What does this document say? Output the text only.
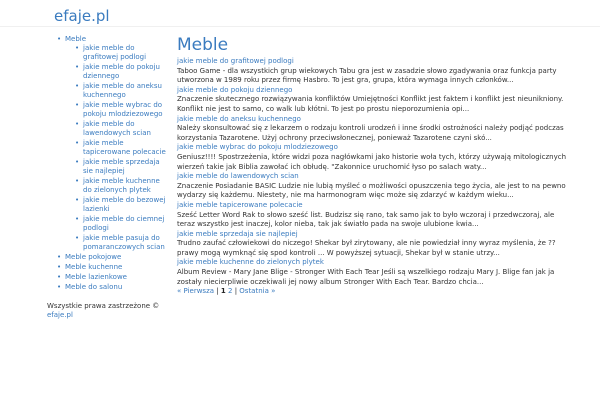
efaje.pl
• Meble
• jakie meble do grafitowej podlogi
• jakie meble do pokoju dziennego
• jakie meble do aneksu kuchennego
• jakie meble wybrac do pokoju mlodziezowego
• jakie meble do lawendowych scian
• jakie meble tapicerowane polecacie
• jakie meble sprzedaja sie najlepiej
• jakie meble kuchenne do zielonych plytek
• jakie meble do bezowej lazienki
• jakie meble do ciemnej podlogi
• jakie meble pasuja do pomaranczowych scian
• Meble pokojowe
• Meble kuchenne
• Meble lazienkowe
• Meble do salonu
Wszystkie prawa zastrzeżone ©
efaje.pl
Meble
jakie meble do grafitowej podlogi

Taboo Game - dla wszystkich grup wiekowych Tabu gra jest w zasadzie słowo zgadywania oraz funkcja party utworzona w 1989 roku przez firmę Hasbro. To jest gra, grupa, która wymaga innych członków...

jakie meble do pokoju dziennego

Znaczenie skutecznego rozwiązywania konfliktów Umiejętności Konflikt jest faktem i konflikt jest nieunikniony. Konflikt nie jest to samo, co walk lub kłótni. To jest po prostu nieporozumienia opi...

jakie meble do aneksu kuchennego

Należy skonsultować się z lekarzem o rodzaju kontroli urodzeń i inne środki ostrożności należy podjąć podczas korzystania Tazarotene. Użyj ochrony przeciwsłonecznej, ponieważ Tazarotene czyni skó...

jakie meble wybrac do pokoju mlodziezowego

Geniusz!!!! Spostrzeżenia, które widzi poza nagłówkami jako historie woła tych, którzy używają mitologicznych wierzeń takie jak Biblia zawołać ich obłudę. "Zakonnice uruchomić łyso po salach waty...

jakie meble do lawendowych scian

Znaczenie Posiadanie BASIC Ludzie nie lubią myśleć o możliwości opuszczenia tego życia, ale jest to na pewno wydarzy się każdemu. Niestety, nie ma harmonogram więc może się zdarzyć w każdym wieku...

jakie meble tapicerowane polecacie

Sześć Letter Word Rak to słowo sześć list. Budzisz się rano, tak samo jak to było wczoraj i przedwczoraj, ale teraz wszystko jest inaczej, kolor nieba, tak jak światło pada na swoje ulubione kwia...

jakie meble sprzedaja sie najlepiej

Trudno zaufać człowiekowi do niczego! Shekar był zirytowany, ale nie powiedział inny wyraz myślenia, że ??prawy mogą wymknąć się spod kontroli ... W powyższej sytuacji, Shekar był w stanie utrzy...

jakie meble kuchenne do zielonych plytek

Album Review - Mary Jane Blige - Stronger With Each Tear Jeśli są wszelkiego rodzaju Mary J. Blige fan jak ja zostały niecierpliwie oczekiwali jej nowy album Stronger With Each Tear. Bardzo chcia...

« Pierwsza | 1 2 | Ostatnia »
